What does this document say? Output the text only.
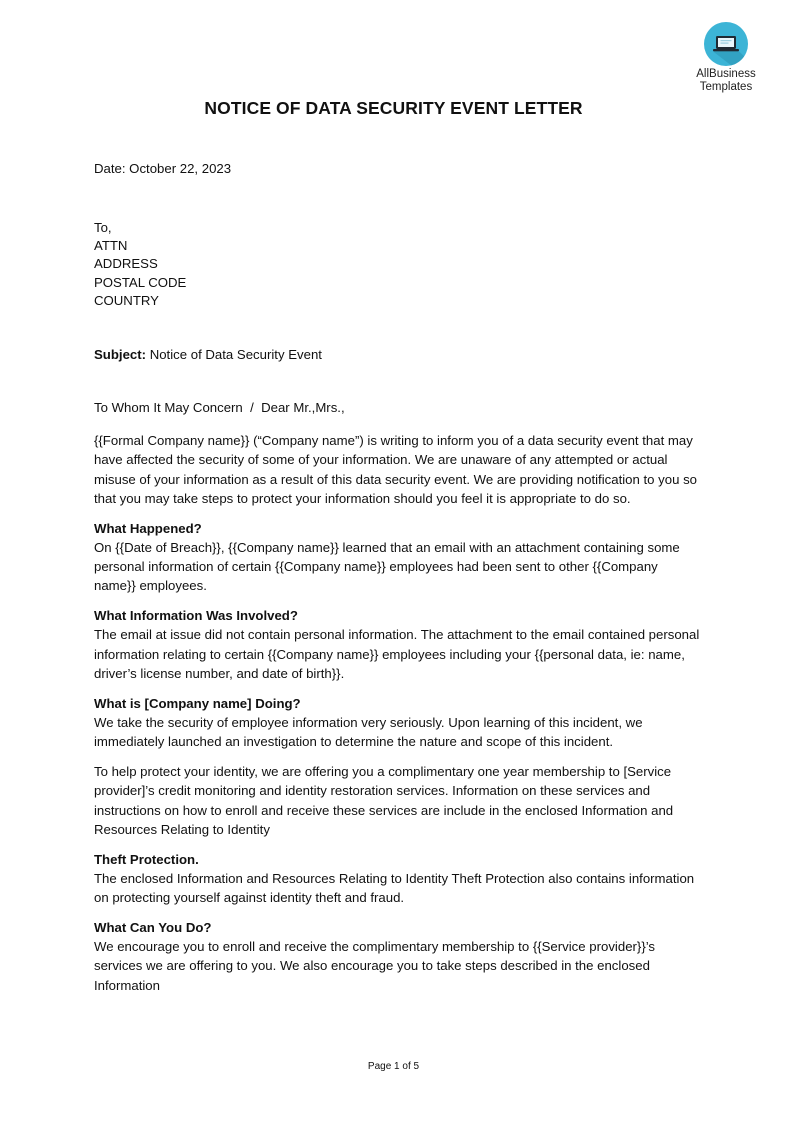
AllBusiness
Templates
NOTICE OF DATA SECURITY EVENT LETTER
Date: October 22, 2023
To,
ATTN
ADDRESS
POSTAL CODE
COUNTRY
Subject: Notice of Data Security Event
To Whom It May Concern  /  Dear Mr.,Mrs.,

{{Formal Company name}} (“Company name”) is writing to inform you of a data security event that may have affected the security of some of your information. We are unaware of any attempted or actual misuse of your information as a result of this data security event. We are providing notification to you so that you may take steps to protect your information should you feel it is appropriate to do so.

What Happened?
On {{Date of Breach}}, {{Company name}} learned that an email with an attachment containing some personal information of certain {{Company name}} employees had been sent to other {{Company name}} employees.

What Information Was Involved?
The email at issue did not contain personal information. The attachment to the email contained personal information relating to certain {{Company name}} employees including your {{personal data, ie: name, driver’s license number, and date of birth}}.

What is [Company name] Doing?
We take the security of employee information very seriously. Upon learning of this incident, we immediately launched an investigation to determine the nature and scope of this incident.

To help protect your identity, we are offering you a complimentary one year membership to [Service provider]’s credit monitoring and identity restoration services. Information on these services and instructions on how to enroll and receive these services are include in the enclosed Information and Resources Relating to Identity

Theft Protection.
The enclosed Information and Resources Relating to Identity Theft Protection also contains information on protecting yourself against identity theft and fraud.

What Can You Do?
We encourage you to enroll and receive the complimentary membership to {{Service provider}}’s services we are offering to you. We also encourage you to take steps described in the enclosed Information

Page 1 of 5
